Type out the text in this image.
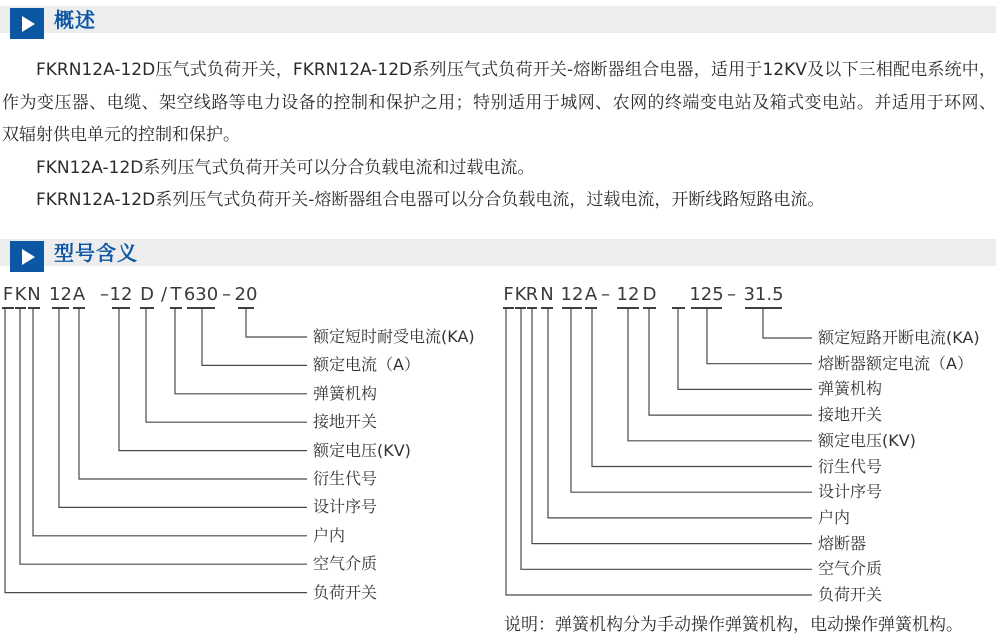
概述
FKRN12A-12D压气式负荷开关，FKRN12A-12D系列压气式负荷开关-熔断器组合电器，适用于12KV及以下三相配电系统中，
作为变压器、电缆、架空线路等电力设备的控制和保护之用；特别适用于城网、农网的终端变电站及箱式变电站。并适用于环网、
双辐射供电单元的控制和保护。
FKN12A-12D系列压气式负荷开关可以分合负载电流和过载电流。
FKRN12A-12D系列压气式负荷开关-熔断器组合电器可以分合负载电流，过载电流，开断线路短路电流。
型号含义
说明：弹簧机构分为手动操作弹簧机构，电动操作弹簧机构。
F K N 12 A – 12 D / T 630 – 20
额定短时耐受电流(KA)
额定电流（A）
弹簧机构
接地开关
额定电压(KV)
衍生代号
设计序号
户内
空气介质
负荷开关
F K R N 12 A – 12 D 125 – 31.5
额定短路开断电流(KA)
熔断器额定电流（A）
弹簧机构
接地开关
额定电压(KV)
衍生代号
设计序号
户内
熔断器
空气介质
负荷开关
